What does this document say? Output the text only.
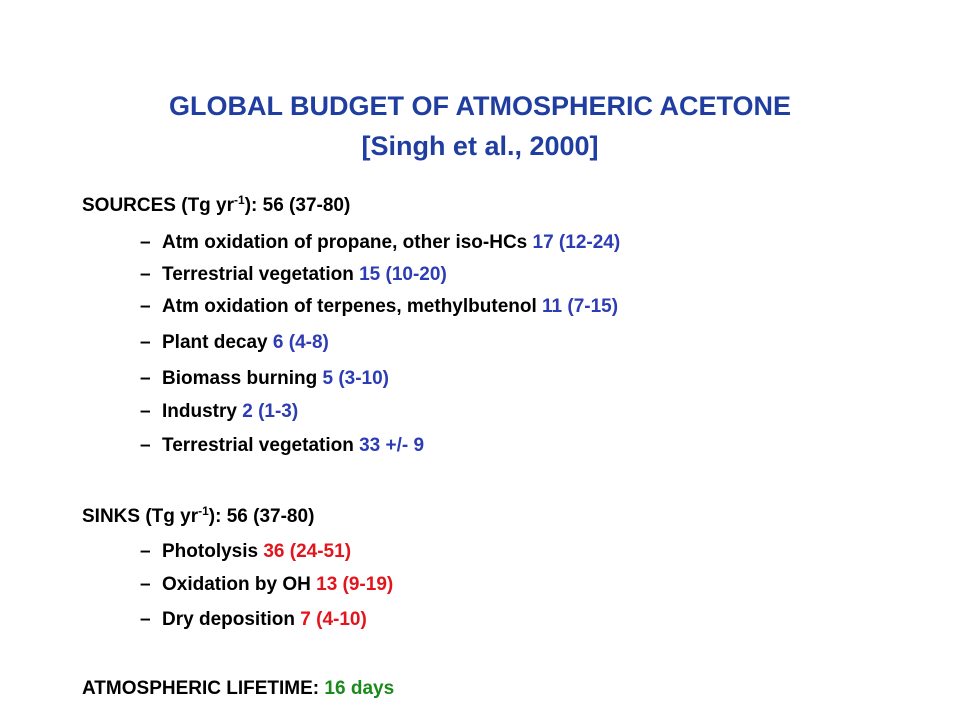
GLOBAL BUDGET OF ATMOSPHERIC ACETONE
[Singh et al., 2000]
SOURCES (Tg $yr^{-1}$): 56 (37-80)
– Atm oxidation of propane, other iso-HCs 17 (12-24)
– Terrestrial vegetation 15 (10-20)
– Atm oxidation of terpenes, methylbutenol 11 (7-15)
– Plant decay 6 (4-8)
– Biomass burning 5 (3-10)
– Industry 2 (1-3)
– Terrestrial vegetation 33 +/- 9
SINKS (Tg $yr^{-1}$): 56 (37-80)
– Photolysis 36 (24-51)
– Oxidation by OH 13 (9-19)
– Dry deposition 7 (4-10)
ATMOSPHERIC LIFETIME: 16 days
